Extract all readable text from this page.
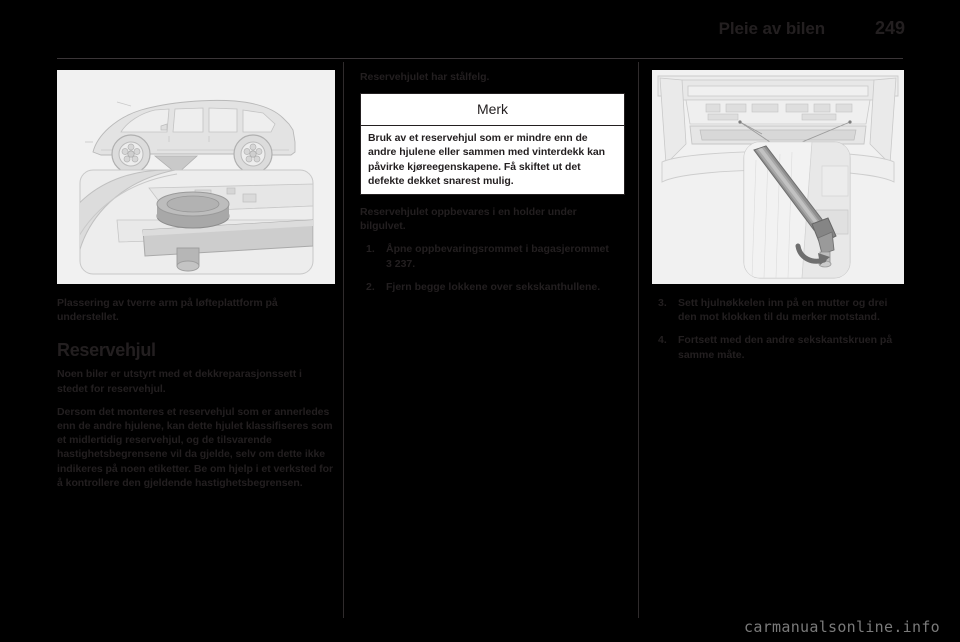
Pleie av bilen	249

Plassering av tverre arm på løfteplattform på understellet.

Reservehjul

Noen biler er utstyrt med et dekkreparasjonssett i stedet for reservehjul.

Dersom det monteres et reservehjul som er annerledes enn de andre hjulene, kan dette hjulet klassifiseres som et midlertidig reservehjul, og de tilsvarende hastighetsbegrensene vil da gjelde, selv om dette ikke indikeres på noen etiketter. Be om hjelp i et verksted for å kontrollere den gjeldende hastighetsbegrensen.

Reservehjulet har stålfelg.

Merk

Bruk av et reservehjul som er mindre enn de andre hjulene eller sammen med vinterdekk kan påvirke kjøreegenskapene. Få skiftet ut det defekte dekket snarest mulig.

Reservehjulet oppbevares i en holder under bilgulvet.

1.	Åpne oppbevaringsrommet i bagasjerommet 3 237.
2.	Fjern begge lokkene over sekskanthullene.
3.	Sett hjulnøkkelen inn på en mutter og drei den mot klokken til du merker motstand.
4.	Fortsett med den andre sekskantskruen på samme måte.
carmanualsonline.info
